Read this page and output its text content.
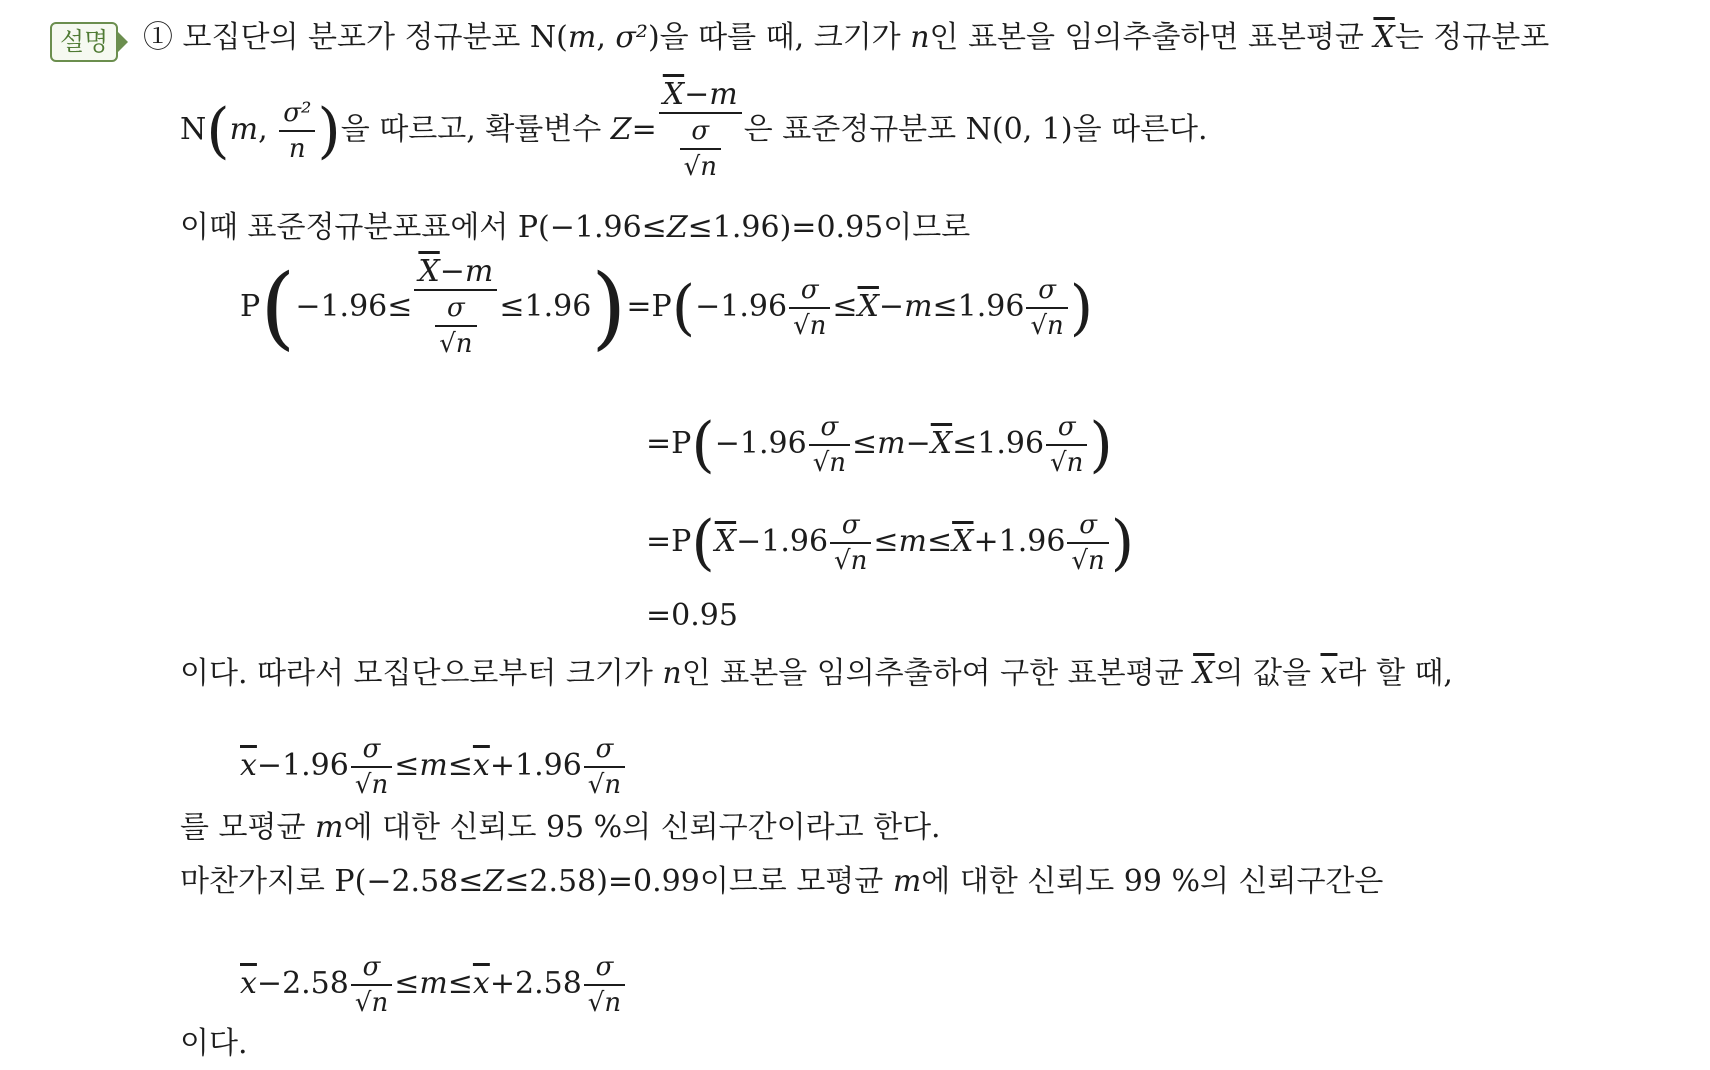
설명	① 모집단의 분포가 정규분포 N(m, σ²)을 따를 때, 크기가 n인 표본을 임의추출하면 표본평균 $\overline{X}$는 정규분포
N(m, $\frac{\text{σ²}}{n}$ )을 따르고, 확률변수 $Z= \frac{\overline{X}-m}{\frac{\sigma}{√n}}$ 은 표준정규분포 N(0, 1)을 따른다.
이때 표준정규분포표에서 P(−1.96≤Z≤1.96)=0.95이므로
$P(-1.96\le \frac{\overline{X}-m}{\frac{\sigma}{√n}} \le 1.96)=P(-1.96 \frac{\sigma}{√n} \le\overline{X}-m\le 1.96 \frac{\sigma}{√n}$ )
$=P(-1.96 \frac{\sigma}{√n} \le m-\overline{X}\le 1.96 \frac{\sigma}{√n}$ )
$=P(\overline{X}-1.96 \frac{\sigma}{√n} \le m\le\overline{X}+1.96 \frac{\sigma}{√n}$ )
=0.95
이다. 따라서 모집단으로부터 크기가 n인 표본을 임의추출하여 구한 표본평균 $\overline{X}$의 값을 $\overline{x}$라 할 때,
$\overline{x}-1.96 \frac{\sigma}{√n} \le m\le\overline{x}+1.96 \frac{\sigma}{√n}$
를 모평균 m에 대한 신뢰도 95 %의 신뢰구간이라고 한다.
마찬가지로 P(−2.58≤Z≤2.58)=0.99이므로 모평균 m에 대한 신뢰도 99 %의 신뢰구간은
$\overline{x}-2.58 \frac{\sigma}{√n} \le m\le\overline{x}+2.58 \frac{\sigma}{√n}$
이다.
